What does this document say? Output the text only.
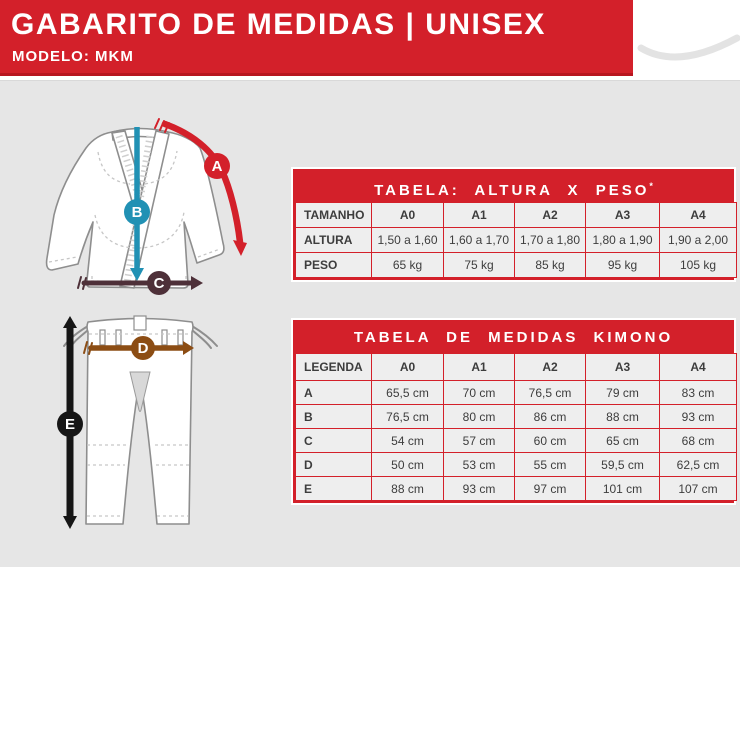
GABARITO DE MEDIDAS | UNISEX
MODELO: MKM
A
B
C
D
E
TABELA: ALTURA X PESO*
TAMANHO	A0	A1	A2	A3	A4
ALTURA	1,50 a 1,60	1,60 a 1,70	1,70 a 1,80	1,80 a 1,90	1,90 a 2,00
PESO	65 kg	75 kg	85 kg	95 kg	105 kg
TABELA DE MEDIDAS KIMONO
LEGENDA	A0	A1	A2	A3	A4
A	65,5 cm	70 cm	76,5 cm	79 cm	83 cm
B	76,5 cm	80 cm	86 cm	88 cm	93 cm
C	54 cm	57 cm	60 cm	65 cm	68 cm
D	50 cm	53 cm	55 cm	59,5 cm	62,5 cm
E	88 cm	93 cm	97 cm	101 cm	107 cm
